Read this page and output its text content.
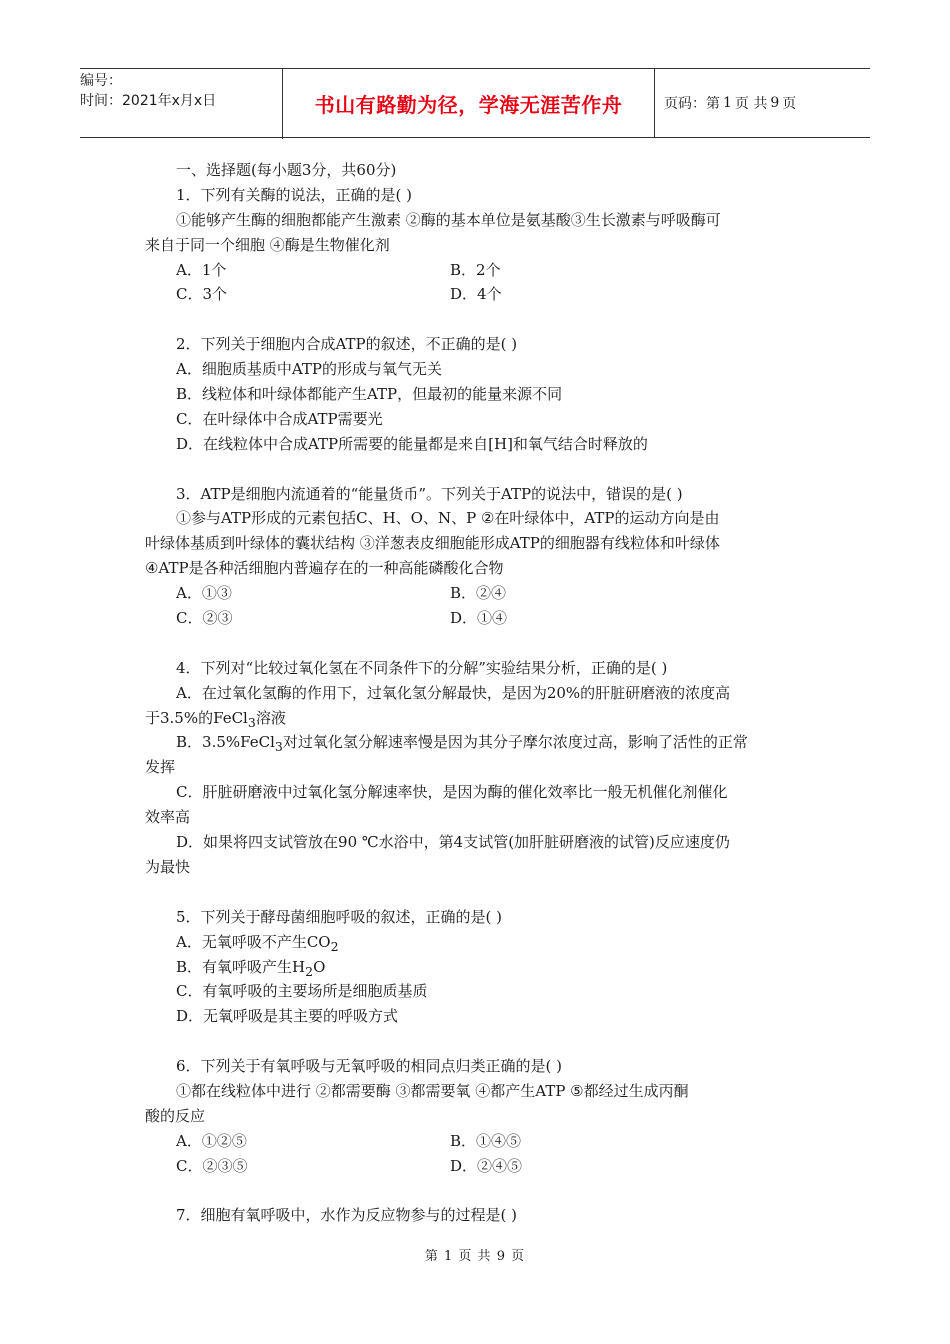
编号：
时间：2021年x月x日	书山有路勤为径，学海无涯苦作舟	页码：第 1 页 共 9 页
一、选择题(每小题3分，共60分)
1．下列有关酶的说法，正确的是( )
①能够产生酶的细胞都能产生激素 ②酶的基本单位是氨基酸③生长激素与呼吸酶可
来自于同一个细胞 ④酶是生物催化剂
A．1个	B．2个
C．3个	D．4个
2．下列关于细胞内合成ATP的叙述，不正确的是( )
A．细胞质基质中ATP的形成与氧气无关
B．线粒体和叶绿体都能产生ATP，但最初的能量来源不同
C．在叶绿体中合成ATP需要光
D．在线粒体中合成ATP所需要的能量都是来自[H]和氧气结合时释放的
3．ATP是细胞内流通着的“能量货币”。下列关于ATP的说法中，错误的是( )
①参与ATP形成的元素包括C、H、O、N、P ②在叶绿体中，ATP的运动方向是由
叶绿体基质到叶绿体的囊状结构 ③洋葱表皮细胞能形成ATP的细胞器有线粒体和叶绿体
④ATP是各种活细胞内普遍存在的一种高能磷酸化合物
A．①③	B．②④
C．②③	D．①④
4．下列对“比较过氧化氢在不同条件下的分解”实验结果分析，正确的是( )
A．在过氧化氢酶的作用下，过氧化氢分解最快，是因为20%的肝脏研磨液的浓度高
于3.5%的FeCl$_3$溶液
B．3.5%FeCl$_3$对过氧化氢分解速率慢是因为其分子摩尔浓度过高，影响了活性的正常
发挥
C．肝脏研磨液中过氧化氢分解速率快，是因为酶的催化效率比一般无机催化剂催化
效率高
D．如果将四支试管放在90 ℃水浴中，第4支试管(加肝脏研磨液的试管)反应速度仍
为最快
5．下列关于酵母菌细胞呼吸的叙述，正确的是( )
A．无氧呼吸不产生$CO_2$
B．有氧呼吸产生$H_2O$
C．有氧呼吸的主要场所是细胞质基质
D．无氧呼吸是其主要的呼吸方式
6．下列关于有氧呼吸与无氧呼吸的相同点归类正确的是( )
①都在线粒体中进行 ②都需要酶 ③都需要氧 ④都产生ATP ⑤都经过生成丙酮
酸的反应
A．①②⑤	B．①④⑤
C．②③⑤	D．②④⑤
7．细胞有氧呼吸中，水作为反应物参与的过程是( )
第 1 页 共 9 页
